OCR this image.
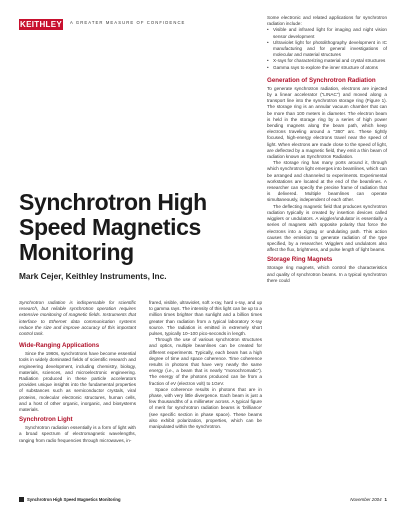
KEITHLEY A GREATER MEASURE OF CONFIDENCE

Some electronic and related applications for synchrotron radiation include:

• Visible and infrared light for imaging and night vision sensor development
• Ultraviolet light for photolithography development in IC manufacturing and for general investigations of molecular and material structures
• X-rays for characterizing material and crystal structures
• Gamma rays to explore the inner structure of atoms
Generation of Synchrotron Radiation

To generate synchrotron radiation, electrons are injected by a linear accelerator ("LINAC") and moved along a transport line into the synchrotron storage ring (Figure 1). The storage ring is an annular vacuum chamber that can be more than 100 meters in diameter. The electron beam is held in the storage ring by a series of high power bending magnets along the beam path, which keep electrons traveling around a "360" arc. These tightly focused, high-energy electrons travel near the speed of light. When electrons are made close to the speed of light, are deflected by a magnetic field, they emit a thin beam of radiation known as Synchrotron Radiation.

The storage ring has many ports around it, through which synchrotron light emerges into beamlines, which can be arranged and channeled to experiments. Experimental workstations are located at the end of the beamlines. A researcher can specify the precise frame of radiation that is delivered. Multiple beamlines can operate simultaneously, independent of each other.

The deflecting magnetic field that produces synchrotron radiation typically is created by insertion devices called wigglers or undulators. A wiggler/undulator is essentially a series of magnets with opposite polarity that force the electrons into a zigzag or undulating path. This action causes the emission to generate radiation of the type specified, by a researcher. Wigglers and undulators also affect the flux, brightness, and pulse length of light beams.

Storage Ring Magnets

Storage ring magnets, which control the characteristics and quality of synchrotron beams. In a typical synchrotron there could

Synchrotron High Speed Magnetics Monitoring
Mark Cejer, Keithley Instruments, Inc.

Synchrotron radiation is indispensable for scientific research, but reliable synchrotron operation requires extensive monitoring of magnetic fields. Instruments that interface to Ethernet data communication systems reduce the size and improve accuracy of this important control task.

Wide-Ranging Applications

Since the 1960s, synchrotrons have become essential tools in widely dominated fields of scientific research and engineering development, including chemistry, biology, materials, sciences, and microelectronic engineering. Radiation produced in these particle accelerators provides unique insights into the fundamental properties of substances such as semiconductor crystals, viral proteins, molecular electronic structures, human cells, and a host of other organic, inorganic, and biosystems materials.

Synchrotron Light

Synchrotron radiation essentially is a form of light with a broad spectrum of electromagnetic wavelengths, ranging from radio frequencies through microwaves, in-

frared, visible, ultraviolet, soft x-ray, hard x-ray, and up to gamma rays. The intensity of this light can be up to a million times brighter than sunlight and a billion times greater than radiation from a typical laboratory X-ray source. The radiation is emitted in extremely short pulses, typically 10–100 pico-seconds in length.

Through the use of various synchrotron structures and optics, multiple beamlines can be created for different experiments. Typically, each beam has a high degree of time and space coherence. Time coherence results in photons that have very nearly the same energy (i.e., a beam that is nearly "monochromatic"). The energy of the photons produced can be from a fraction of eV (electron volt) to 1GeV.

Space coherence results in photons that are in phase, with very little divergence. Each beam is just a few thousandths of a millimeter across. A typical figure of merit for synchrotron radiation beams is 'brilliance' (see specific section in phase space). These beams also exhibit polarization, properties, which can be manipulated within the synchrotron.

Synchrotron High Speed Magnetics Monitoring	November 2004 1
